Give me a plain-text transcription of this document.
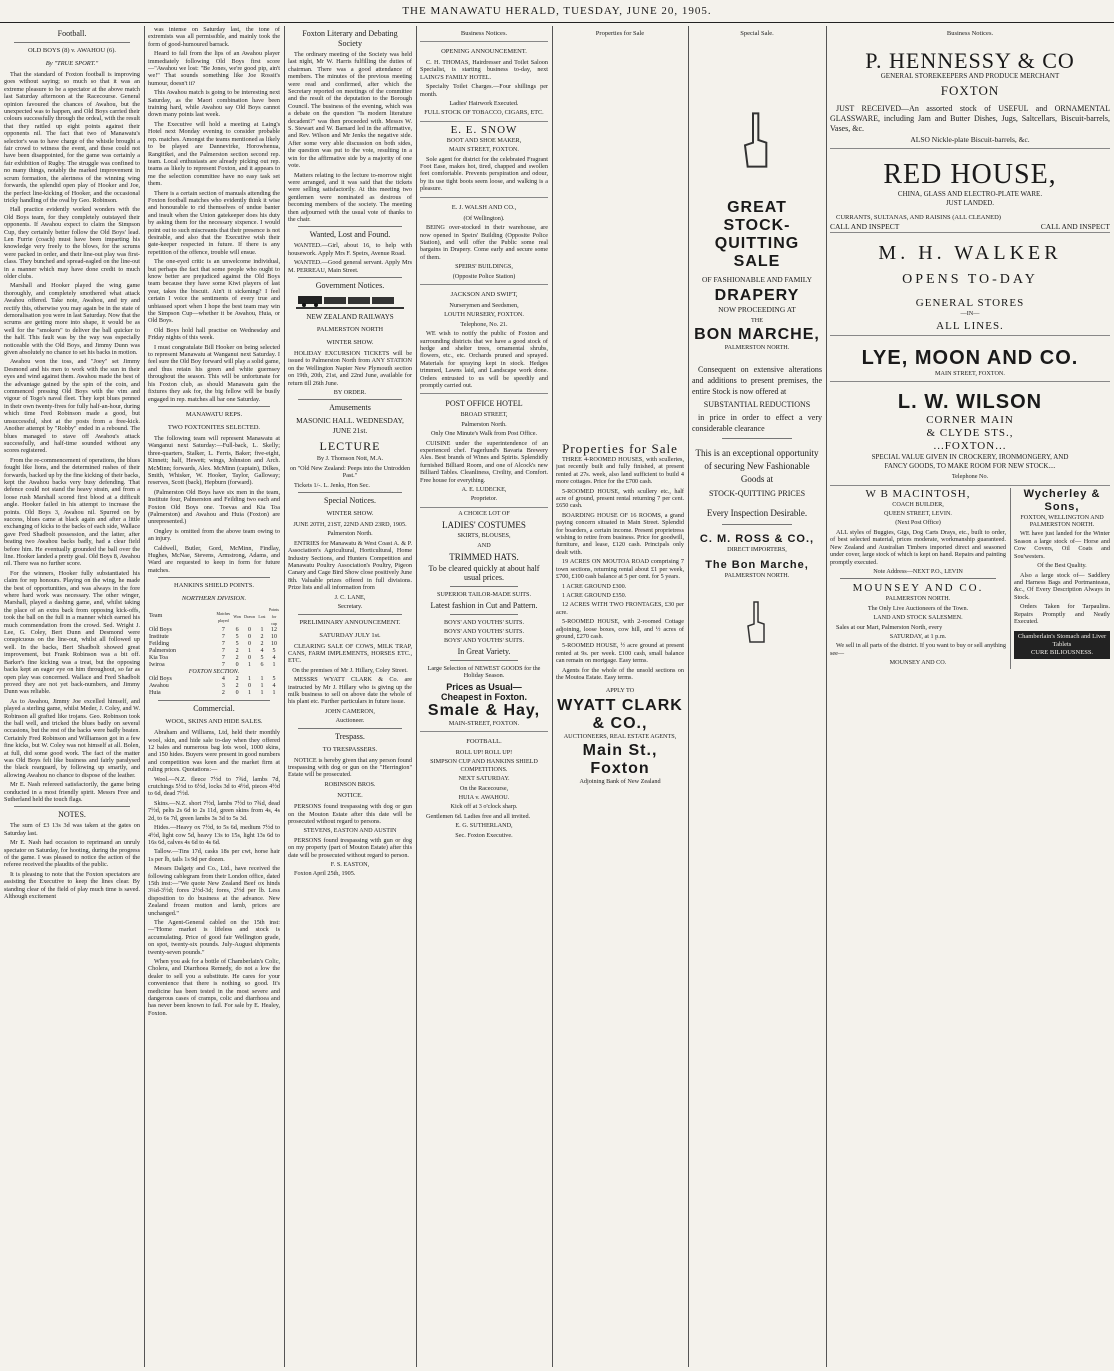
THE MANAWATU HERALD, TUESDAY, JUNE 20, 1905.
Football.
OLD BOYS (8) v. AWAHOU (6).
By "TRUE SPORT."

That the standard of Foxton football is improving goes without saying; so much so that it was an extreme pleasure to be a spectator at the above match last Saturday afternoon at the Racecourse. General opinion favoured the chances of Awahou, but the unexpected was to happen, and Old Boys carried their colours successfully through the ordeal, with the result that they rattled up eight points against their opponents nil. The fact that two of Manawatu's selector's was to have charge of the whistle brought a fair crowd to witness the event, and these could not have been disappointed, for the game was certainly a fair exhibition of Rugby. The struggle was confined to no many things, notably the marked improvement in scrum formation, the alertness of the winning wing forwards, the splendid open play of Hooker and Joe, the perfect line-kicking of Hooker, and the occasional tricky handling of the oval by Geo. Robinson.

Hall practice evidently worked wonders with the Old Boys team, for they completely outstayed their opponents. If Awahou expect to claim the Simpson Cup, they certainly better follow the Old Boys' lead. Len Furrie (coach) must have been imparting his knowledge very freely to the blows, for the scrums were packed in order, and their line-out play was first-class. They bunched and spread-eagled on the line-out in a manner which may have done credit to much older clubs.

Marshall and Hooker played the wing game thoroughly, and completely smothered what attack Awahou offered. Take note, Awahou, and try and rectify this, otherwise you may again be in the state of demoralisation you were in last Saturday. Now that the scrums are getting more into shape, it would be as well for the "smokers" to deliver the ball quicker to the half. This fault was by the way was especially noticeable with the Old Boys, and Jimmy Dunn was given absolutely no chance to set his backs in motion.

Awahou won the toss, and "Joey" set Jimmy Desmond and his men to work with the sun in their eyes and wind against them. Awahou made the best of the advantage gained by the spin of the coin, and commenced pressing Old Boys with the vim and vigour of Togo's naval fleet. They kept blues penned in their own twenty-fives for fully half-an-hour, during which time Fred Robinson made a good, but unsuccessful, shot at the posts from a free-kick. Another attempt by "Robby" ended in a rebound. The blues managed to stave off Awahou's attack successfully, and half-time sounded without any scores registered.

From the re-commencement of operations, the blues fought like lions, and the determined rushes of their forwards, backed up by the fine kicking of their backs, kept the Awahou backs very busy defending. That defence could not stand the heavy strain, and from a loose rush Marshall scored first blood at a difficult angle. Hooker failed in his attempt to increase the points. Old Boys 3, Awahou nil. Spurred on by success, blues came at black again and after a little exchanging of kicks to the backs of each side, Wallace gave Fred Shadbolt possession, and the latter, after beating two Awahou backs badly, had a clear field before him. He eventually grounded the ball over the line. Hooker landed a pretty goal. Old Boys 8, Awahou nil. There was no further score.

For the winners, Hooker fully substantiated his claim for rep honours. Playing on the wing, he made the best of opportunities, and was always in the fore where hard work was necessary. The other winger, Marshall, played a dashing game, and, whilst taking the place of an extra back from opposing kick-offs, took the ball on the full in a manner which earned his much commendation from the crowd. Sed. Wright J. Lee, G. Coley, Bert Dunn and Desmond were conspicuous on the line-out, whilst all followed up well. In the backs, Bert Shadbolt showed great improvement, but Frank Robinson was a bit off. Barker's fine kicking was a treat, but the opposing backs kept an eager eye on him throughout, so far as open play was concerned. Wallace and Fred Shadbolt proved they are not yet back-numbers, and Jimmy Dunn was reliable.

As to Awahou, Jimmy Joe excelled himself, and played a sterling game, whilst Meder, J. Coley, and W. Robinson all grafted like trojans. Geo. Robinson took the ball well, and tricked the blues badly on several occasions, but the rest of the backs were badly beaten. Certainly Fred Robinson and Williamson got in a few fine kicks, but W. Coley was not himself at all. Bolen, at full, did some good work. The fact of the matter was Old Boys felt like business and fairly paralysed the black rearguard, by following up smartly, and allowing Awahou no chance to dispose of the leather.

Mr E. Nash refereed satisfactorily, the game being conducted in a most friendly spirit. Messrs Free and Sutherland held the touch flags.

NOTES.

The sum of £3 13s 3d was taken at the gates on Saturday last.

Mr E. Nash had occasion to reprimand an unruly spectator on Saturday, for hooting, during the progress of the game. I was pleased to notice the action of the referee received the plaudits of the public.

It is pleasing to note that the Foxton spectators are assisting the Executive to keep the lines clear. By standing clear of the field of play much time is saved. Although excitement

was intense on Saturday last, the tone of extremists was all permissible, and mainly took the form of good-humoured barrack.

Heard to fall from the lips of an Awahou player immediately following Old Boys first score—"Awahou we lost: "Be Jones, we're good pip, ain't we!" That sounds something like Joe Rossit's humour, doesn't it?

This Awahou match is going to be interesting next Saturday, as the Maori combination have been training hard, while Awahou say Old Boys cannot down many points last week.

The Executive will hold a meeting at Laing's Hotel next Monday evening to consider probable rep. matches. Amongst the teams mentioned as likely to be played are Dannevirke, Horowhenua, Rangitikei, and the Palmerston section second rep. team. Local enthusiasts are already picking out rep. teams as likely to represent Foxton, and it appears to me the selection committee have no easy task set them.

There is a certain section of manuals attending the Foxton football matches who evidently think it wise and honourable to rid themselves of undue banter and insult when the Union gatekeeper does his duty by asking them for the necessary sixpence. I would point out to such miscreants that their presence is not desirable, and also that the Executive wish their gate-keeper respected in future. If there is any repetition of the offence, trouble will ensue.

The one-eyed critic is an unwelcome individual, but perhaps the fact that some people who ought to know better are prejudiced against the Old Boys team because they have some Kiwi players of last year, takes the biscuit. Ain't it sickening? I feel certain I voice the sentiments of every true and unbiassed sport when I hope the best team may win the Simpson Cup—whether it be Awahou, Huia, or Old Boys.

Old Boys hold hall practise on Wednesday and Friday nights of this week.

I must congratulate Bill Hooker on being selected to represent Manawatu at Wanganui next Saturday. I feel sure the Old Boy forward will play a solid game, and thus retain his green and white guernsey throughout the season. This will be unfortunate for his Foxton club, as should Manawatu gain the fixtures they ask for, the big fellow will be busily engaged in rep. matches all bar one Saturday.

MANAWATU REPS.
TWO FOXTONITES SELECTED.

The following team will represent Manawatu at Wanganui next Saturday:—Full-back, L. Skelly; three-quarters, Stalker, L. Ferris, Baker; five-eight, Kinnett; half, Hewett; wings, Johnston and Arch. McMinn; forwards, Alex. McMinn (captain), Dilkes, Smith, Whisker, W. Hooker, Taylor, Galloway; reserves, Scott (back), Hepburn (forward).

(Palmerston Old Boys have six men in the team, Institute four, Palmerston and Feilding two each and Foxton Old Boys one. Toevas and Kia Toa (Palmerston) and Awahou and Huia (Foxton) are unrepresented.)

Ongley is omitted from the above team owing to an injury.

Caldwell, Butler, Gord, McMinn, Findlay, Hughes, McNae, Stevens, Armstrong, Adams, and Ward are requested to keep in form for future matches.

HANKINS SHIELD POINTS.
NORTHERN DIVISION.
Team	Matches played	Won	Drawn	Lost	Points for cup
Old Boys	7	6	0	1	12
Institute	7	5	0	2	10
Feilding	7	5	0	2	10
Palmerston	7	2	1	4	5
Kia Toa	7	2	0	5	4
Iwiroa	7	0	1	6	1
FOXTON SECTION.					
Old Boys	4	2	1	1	5
Awahou	3	2	0	1	4
Huia	2	0	1	1	1
Commercial.
WOOL, SKINS AND HIDE SALES.

Abraham and Williams, Ltd, held their monthly wool, skin, and hide sale to-day when they offered 12 bales and numerous bag lots wool, 1000 skins, and 150 hides. Buyers were present in good numbers and competition was keen and the market firm at ruling prices. Quotations:—

Wool.—N.Z. fleece 7½d to 7¾d, lambs 7d, crutchings 5½d to 6½d, locks 3d to 4½d, pieces 4½d to 6d, dead 7½d.

Skins.—N.Z. short 7½d, lambs 7½d to 7¾d, dead 7½d, pelts 2s 6d to 2s 11d, green skins from 4s, 4s 2d, to 6s 7d, green lambs 3s 3d to 5s 3d.

Hides.—Heavy ox 7½d, to 5s 6d, medium 7½d to 4½d, light cow 5d, heavy 13s to 15s, light 13s 6d to 16s 6d, calves 4s 6d to 4s 6d.

Tallow.—Tins 17d, casks 18s per cwt, horse hair 1s per lb, tails 1s 9d per dozen.

Messrs Dalgety and Co., Ltd., have received the following cablegram from their London office, dated 15th inst:—"We quote New Zealand Beef ox hinds 3¼d-3½d; fores 2½d-3d; fores, 2½d per lb. Less disposition to do business at the advance. New Zealand frozen mutton and lamb, prices are unchanged."

The Agent-General cabled on the 15th inst:—"Home market is lifeless and stock is accumulating. Price of good fair Wellington grade, on spot, twenty-six pounds. July-August shipments twenty-seven pounds."

When you ask for a bottle of Chamberlain's Colic, Cholera, and Diarrhoea Remedy, do not a low the dealer to sell you a substitute. He cares for your convenience that there is nothing so good. It's medicine has been tested in the most severe and dangerous cases of cramps, colic and diarrhoea and has never been known to fail. For sale by E. Healey, Foxton.

Foxton Literary and Debating
Society

The ordinary meeting of the Society was held last night, Mr W. Harris fulfilling the duties of chairman. There was a good attendance of members. The minutes of the previous meeting were read and confirmed, after which the Secretary reported on meetings of the committee and the result of the deputation to the Borough Council. The business of the evening, which was a debate on the question "Is modern literature decadent?" was then proceeded with. Messrs W. S. Stewart and W. Barnard led in the affirmative, and Rev. Wilson and Mr Jenks the negative side. After some very able discussion on both sides, the question was put to the vote, resulting in a win for the affirmative side by a majority of one vote.

Matters relating to the lecture to-morrow night were arranged, and it was said that the tickets were selling satisfactorily. At this meeting two gentlemen were nominated as desirous of becoming members of the society. The meeting then adjourned with the usual vote of thanks to the chair.

Wanted, Lost and Found.

WANTED.—Girl, about 16, to help with housework. Apply Mrs F. Speirs, Avenue Road.

WANTED.—Good general servant. Apply Mrs M. PERREAU, Main Street.

Government Notices.
NEW ZEALAND RAILWAYS
PALMERSTON NORTH
WINTER SHOW.

HOLIDAY EXCURSION TICKETS will be issued to Palmerston North from ANY STATION on the Wellington Napier New Plymouth section on 19th, 20th, 21st, and 22nd June, available for return till 26th June.

BY ORDER.

Amusements
MASONIC HALL. WEDNESDAY, JUNE 21st.
LECTURE

By J. Thomson Nott, M.A.

on "Old New Zealand: Peeps into the Untrodden Past."

Tickets 1/-. L. Jenks, Hon Sec.

Special Notices.
WINTER SHOW.

JUNE 20TH, 21ST, 22ND AND 23RD, 1905.

Palmerston North.

ENTRIES for Manawatu & West Coast A. & P. Association's Agricultural, Horticultural, Home Industry Sections, and Hunters Competition and Manawatu Poultry Association's Poultry, Pigeon Canary and Cage Bird Show close positively June 8th. Valuable prizes offered in full divisions. Prize lists and all information from

J. C. LANE,

Secretary.

PRELIMINARY ANNOUNCEMENT.
SATURDAY JULY 1st.

CLEARING SALE OF COWS, MILK TRAP, CANS, FARM IMPLEMENTS, HORSES ETC., ETC.

On the premises of Mr J. Hillary, Coley Street.

MESSRS WYATT CLARK & Co. are instructed by Mr J. Hillary who is giving up the milk business to sell on above date the whole of his plant etc. Further particulars in future issue.

JOHN CAMERON,

Auctioneer.

Trespass.
TO TRESPASSERS.

NOTICE is hereby given that any person found trespassing with dog or gun on the "Herrington" Estate will be prosecuted.

ROBINSON BROS.

NOTICE.

PERSONS found trespassing with dog or gun on the Mouton Estate after this date will be prosecuted without regard to persons.

STEVENS, EASTON AND AUSTIN

PERSONS found trespassing with gun or dog on my property (part of Mouton Estate) after this date will be prosecuted without regard to person.

F. S. EASTON,

Foxton April 25th, 1905.

Business Notices.
OPENING ANNOUNCEMENT.

C. H. THOMAS, Hairdresser and Toilet Saloon Specialist, is starting business to-day, next LAING'S FAMILY HOTEL.

Specialty Toilet Charges.—Four shillings per month.

Ladies' Hairwork Executed.

FULL STOCK OF TOBACCO, CIGARS, ETC.

E. E. SNOW

BOOT AND SHOE MAKER,

MAIN STREET, FOXTON.

Sole agent for district for the celebrated Fragrant Foot Ease, makes hot, tired, chapped and swollen feet comfortable. Prevents perspiration and odour, by its use tight boots seem loose, and walking is a pleasure.

E. J. WALSH AND CO.,

(Of Wellington).

BEING over-stocked in their warehouse, are now opened in Speirs' Building (Opposite Police Station), and will offer the Public some real bargains in Drapery. Come early and secure some of them.

SPEIRS' BUILDINGS,

(Opposite Police Station)

JACKSON AND SWIFT,

Nurserymen and Seedsmen,

LOUTH NURSERY, FOXTON.

Telephone, No. 21.

WE wish to notify the public of Foxton and surrounding districts that we have a good stock of hedge and shelter trees, ornamental shrubs, flowers, etc., etc. Orchards pruned and sprayed. Materials for spraying kept in stock. Hedges trimmed, Lawns laid, and Landscape work done. Orders entrusted to us will be speedily and promptly carried out.

POST OFFICE HOTEL

BROAD STREET,

Palmerston North.

Only One Minute's Walk from Post Office.

CUISINE under the superintendence of an experienced chef. Fagerlund's Bavaria Brewery Ales. Best brands of Wines and Spirits. Splendidly furnished Billiard Room, and one of Alcock's new Billiard Tables. Cleanliness, Civility, and Comfort. Free house for everything.

A. E. LUDECKE,

Proprietor.

A CHOICE LOT OF

LADIES' COSTUMES

SKIRTS, BLOUSES,

AND

TRIMMED HATS.

To be cleared quickly at about half usual prices.

SUPERIOR TAILOR-MADE SUITS.

Latest fashion in Cut and Pattern.

BOYS' AND YOUTHS' SUITS.

BOYS' AND YOUTHS' SUITS.

BOYS' AND YOUTHS' SUITS.

In Great Variety.

Large Selection of NEWEST GOODS for the Holiday Season.

Prices as Usual—
Cheapest in Foxton.
Smale & Hay,

MAIN-STREET, FOXTON.

FOOTBALL.

ROLL UP! ROLL UP!

SIMPSON CUP AND HANKINS SHIELD COMPETITIONS.

NEXT SATURDAY.

On the Racecourse,

HUIA v. AWAHOU.

Kick off at 3 o'clock sharp.

Gentlemen 6d. Ladies free and all invited.

E. G. SUTHERLAND,

Sec. Foxton Executive.

Properties for Sale
Properties for Sale

THREE 4-ROOMED HOUSES, with sculleries, just recently built and fully finished, at present rented at 27s. week, also land sufficient to build 4 more cottages. Price for the £700 cash.

5-ROOMED HOUSE, with scullery etc., half acre of ground, present rental returning 7 per cent. £650 cash.

BOARDING HOUSE OF 16 ROOMS, a grand paying concern situated in Main Street. Splendid for boarders, a certain income. Present proprietress wishing to retire from business. Price for goodwill, furniture, and lease, £120 cash. Principals only dealt with.

19 ACRES ON MOUTOA ROAD comprising 7 town sections, returning rental about £1 per week, £700, £100 cash balance at 5 per cent. for 5 years.

1 ACRE GROUND £300.

1 ACRE GROUND £350.

12 ACRES WITH TWO FRONTAGES, £30 per acre.

5-ROOMED HOUSE, with 2-roomed Cottage adjoining, loose boxes, cow hill, and ½ acres of ground, £270 cash.

5-ROOMED HOUSE, ½ acre ground at present rented at 9s. per week. £100 cash, small balance can remain on mortgage. Easy terms.

Agents for the whole of the unsold sections on the Moutoa Estate. Easy terms.

APPLY TO

WYATT CLARK
& CO.,

AUCTIONEERS, REAL ESTATE AGENTS,

Main St., Foxton

Adjoining Bank of New Zealand

Special Sale.
GREAT
STOCK-QUITTING
SALE

OF FASHIONABLE AND FAMILY

DRAPERY

NOW PROCEEDING AT

THE

BON MARCHE,

PALMERSTON NORTH.

Consequent on extensive alterations and additions to present premises, the entire Stock is now offered at

SUBSTANTIAL REDUCTIONS

in price in order to effect a very considerable clearance

This is an exceptional opportunity of securing New Fashionable Goods at

STOCK-QUITTING PRICES

Every Inspection Desirable.

C. M. ROSS & CO.,

DIRECT IMPORTERS,

The Bon Marche,

PALMERSTON NORTH.

Business Notices.
P. HENNESSY & CO

GENERAL STOREKEEPERS AND PRODUCE MERCHANT

FOXTON

JUST RECEIVED—An assorted stock of USEFUL and ORNAMENTAL GLASSWARE, including Jam and Butter Dishes, Jugs, Saltcellars, Biscuit-barrels, Vases, &c.

ALSO Nickle-plate Biscuit-barrels, &c.

RED HOUSE,

CHINA, GLASS AND ELECTRO-PLATE WARE.

JUST LANDED.

CURRANTS, SULTANAS, AND RAISINS (ALL CLEANED)

CALL AND INSPECT	CALL AND INSPECT
M. H. WALKER
OPENS TO-DAY
GENERAL STORES

—IN—

ALL LINES.
LYE, MOON AND CO.

MAIN STREET, FOXTON.

L. W. WILSON
CORNER MAIN
& CLYDE STS.,
...FOXTON...

SPECIAL VALUE GIVEN IN CROCKERY, IRONMONGERY, AND FANCY GOODS, TO MAKE ROOM FOR NEW STOCK....

Telephone No.

W B MACINTOSH,

COACH BUILDER,

QUEEN STREET, LEVIN.

(Next Post Office)

ALL styles of Buggies, Gigs, Dog Carts Drays, etc., built to order, of best selected material, prices moderate, workmanship guaranteed. New Zealand and Australian Timbers imported direct and seasoned under cover, large stock of which is kept on hand. Repairs and painting promptly executed.

Note Address—NEXT P.O., LEVIN

MOUNSEY AND CO.

PALMERSTON NORTH.

The Only Live Auctioneers of the Town.

LAND AND STOCK SALESMEN.

Sales at our Mart, Palmerston North, every

SATURDAY, at 1 p.m.

We sell in all parts of the district. If you want to buy or sell anything see—

MOUNSEY AND CO.

Wycherley & Sons,

FOXTON, WELLINGTON AND PALMERSTON NORTH.

WE have just landed for the Winter Season a large stock of— Horse and Cow Covers, Oil Coats and Sou'westers.

Of the Best Quality.

Also a large stock of— Saddlery and Harness Bags and Portmanteaus, &c., Of Every Description Always in Stock.

Orders Taken for Tarpaulins. Repairs Promptly and Neatly Executed.

Chamberlain's Stomach and Liver Tablets
CURE BILIOUSNESS.
